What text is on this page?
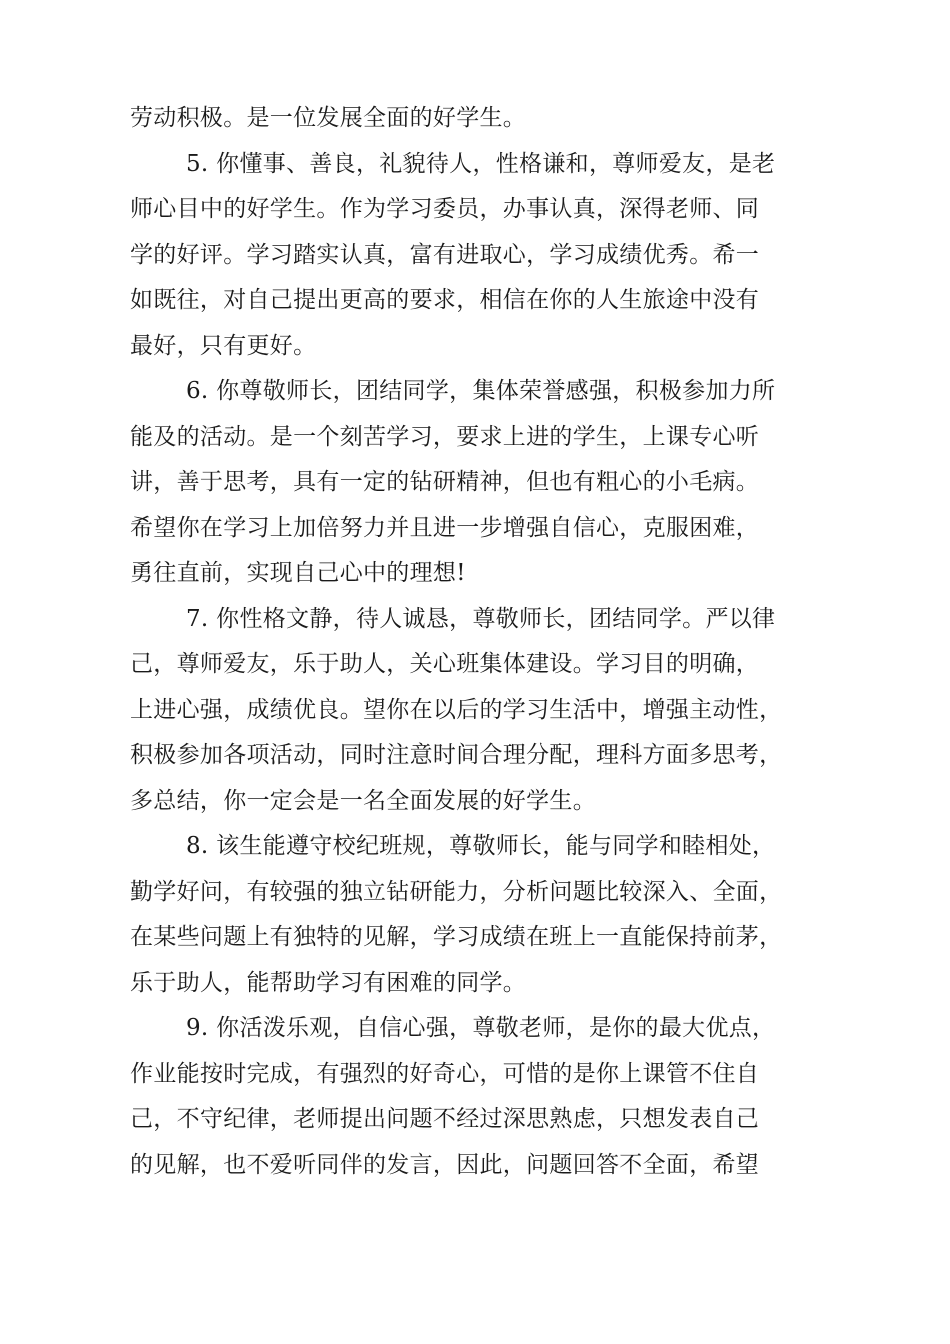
劳动积极。是一位发展全面的好学生。
5. 你懂事、善良，礼貌待人，性格谦和，尊师爱友，是老
师心目中的好学生。作为学习委员，办事认真，深得老师、同
学的好评。学习踏实认真，富有进取心，学习成绩优秀。希一
如既往，对自己提出更高的要求，相信在你的人生旅途中没有
最好，只有更好。
6. 你尊敬师长，团结同学，集体荣誉感强，积极参加力所
能及的活动。是一个刻苦学习，要求上进的学生，上课专心听
讲，善于思考，具有一定的钻研精神，但也有粗心的小毛病。
希望你在学习上加倍努力并且进一步增强自信心，克服困难，
勇往直前，实现自己心中的理想!
7. 你性格文静，待人诚恳，尊敬师长，团结同学。严以律
己，尊师爱友，乐于助人，关心班集体建设。学习目的明确，
上进心强，成绩优良。望你在以后的学习生活中，增强主动性，
积极参加各项活动，同时注意时间合理分配，理科方面多思考，
多总结，你一定会是一名全面发展的好学生。
8. 该生能遵守校纪班规，尊敬师长，能与同学和睦相处，
勤学好问，有较强的独立钻研能力，分析问题比较深入、全面，
在某些问题上有独特的见解，学习成绩在班上一直能保持前茅，
乐于助人，能帮助学习有困难的同学。
9. 你活泼乐观，自信心强，尊敬老师，是你的最大优点，
作业能按时完成，有强烈的好奇心，可惜的是你上课管不住自
己，不守纪律，老师提出问题不经过深思熟虑，只想发表自己
的见解，也不爱听同伴的发言，因此，问题回答不全面，希望
